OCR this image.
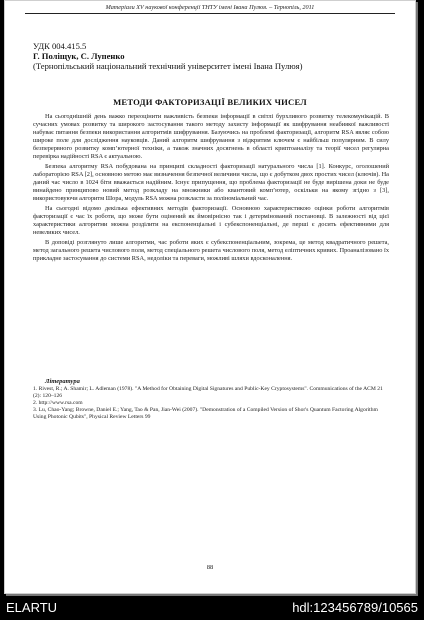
Матеріали XV наукової конференції ТНТУ імені Івана Пулюя. – Тернопіль, 2011

УДК 004.415.5

Г. Поліщук, С. Лупенко

(Тернопільський національний технічний університет імені Івана Пулюя)

МЕТОДИ ФАКТОРИЗАЦІЇ ВЕЛИКИХ ЧИСЕЛ

На сьогоднішній день важко переоцінити важливість безпеки інформації в світлі бурхливого розвитку телекомунікацій. В сучасних умовах розвитку та широкого застосування такого методу захисту інформації як шифрування неабиякої важливості набуває питання безпеки використання алгоритмів шифрування. Базуючись на проблемі факторизації, алгоритм RSA являє собою широке поле для дослідження науковців. Даний алгоритм шифрування з відкритим ключем є найбільш популярним. В силу безперервного розвитку комп’ютерної техніки, а також значних досягнень в області криптоаналізу та теорії чисел регулярна перевірка надійності RSA є актуальною.

Безпека алгоритму RSA побудована на принципі складності факторизації натурального числа [1]. Конкурс, оголошений лабораторією RSA [2], основною метою має визначення безпечної величини числа, що є добутком двох простих чисел (ключів). На даний час число в 1024 біти вважається надійним. Існує припущення, що проблема факторизації не буде вирішена доки не буде винайдено принципово новий метод розкладу на множники або квантовий комп’ютер, оскільки на якому згідно з [3], використовуючи алгоритм Шора, модуль RSA можна розкласти за поліноміальний час.

На сьогодні відомо декілька ефективних методів факторизації. Основною характеристикою оцінки роботи алгоритмів факторизації є час їх роботи, що може бути оцінений як ймовірнісно так і детермінований постановці. В залежності від цієї характеристики алгоритми можна розділити на експоненціальні і субекспоненціальні, де перші є досить ефективними для невеликих чисел.

В доповіді розглянуто лише алгоритми, час роботи яких є субекспоненціальним, зокрема, це метод квадратичного решета, метод загального решета числового поля, метод спеціального решета числового поля, метод еліптичних кривих. Проаналізовано їх прикладне застосування до системи RSA, недоліки та переваги, можливі шляхи вдосконалення.

Література
1. Rivest, R.; A. Shamir; L. Adleman (1978). "A Method for Obtaining Digital Signatures and Public-Key Cryptosystems". Communications of the ACM 21 (2): 120–126
2. http://www.rsa.com
3. Lu, Chao-Yang; Browne, Daniel E.; Yang, Tao & Pan, Jian-Wei (2007). "Demonstration of a Compiled Version of Shor's Quantum Factoring Algorithm Using Photonic Qubits", Physical Review Letters 99
88
ELARTU	hdl:123456789/10565
